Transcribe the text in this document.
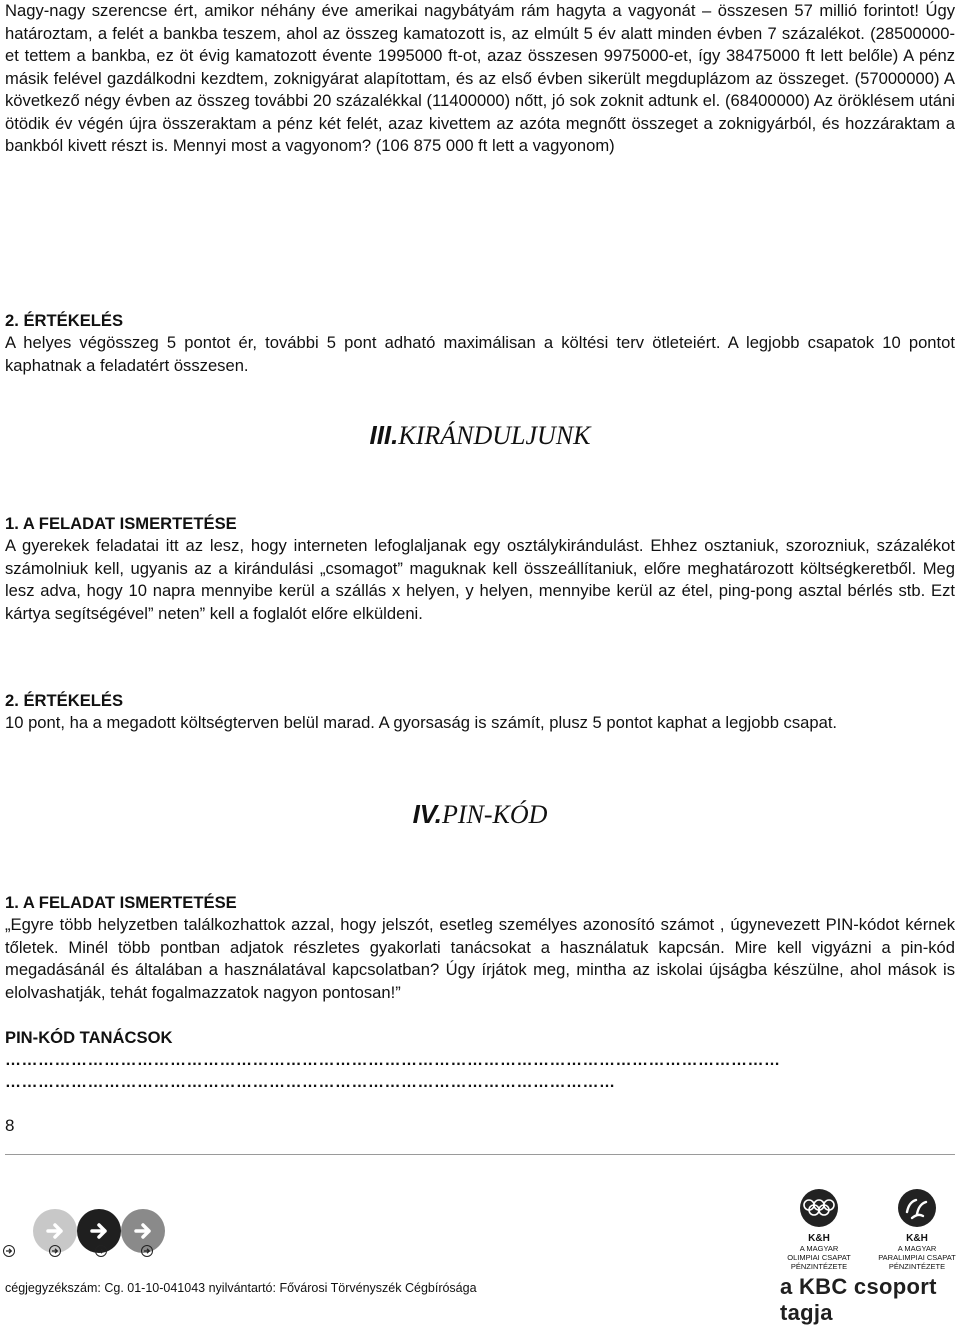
Nagy-nagy szerencse ért, amikor néhány éve amerikai nagybátyám rám hagyta a vagyonát – összesen 57 millió forintot! Úgy határoztam, a felét a bankba teszem, ahol az összeg kamatozott is, az elmúlt 5 év alatt minden évben 7 százalékot. (28500000-et tettem a bankba, ez öt évig kamatozott évente 1995000 ft-ot, azaz összesen 9975000-et, így 38475000 ft lett belőle) A pénz másik felével gazdálkodni kezdtem, zoknigyárat alapítottam, és az első évben sikerült megduplázom az összeget. (57000000) A következő négy évben az összeg további 20 százalékkal (11400000) nőtt, jó sok zoknit adtunk el. (68400000) Az öröklésem utáni ötödik év végén újra összeraktam a pénz két felét, azaz kivettem az azóta megnőtt összeget a zoknigyárból, és hozzáraktam a bankból kivett részt is. Mennyi most a vagyonom? (106 875 000 ft lett a vagyonom)

2. ÉRTÉKELÉS

A helyes végösszeg 5 pontot ér, további 5 pont adható maximálisan a költési terv ötleteiért. A legjobb csapatok 10 pontot kaphatnak a feladatért összesen.

III.KIRÁNDULJUNK

1. A FELADAT ISMERTETÉSE

A gyerekek feladatai itt az lesz, hogy interneten lefoglaljanak egy osztálykirándulást. Ehhez osztaniuk, szorozniuk, százalékot számolniuk kell, ugyanis az a kirándulási „csomagot” maguknak kell összeállítaniuk, előre meghatározott költségkeretből. Meg lesz adva, hogy 10 napra mennyibe kerül a szállás x helyen, y helyen, mennyibe kerül az étel, ping-pong asztal bérlés stb. Ezt kártya segítségével” neten” kell a foglalót előre elküldeni.

2. ÉRTÉKELÉS

10 pont, ha a megadott költségterven belül marad. A gyorsaság is számít, plusz 5 pontot kaphat a legjobb csapat.

IV.PIN-KÓD

1. A FELADAT ISMERTETÉSE

„Egyre több helyzetben találkozhattok azzal, hogy jelszót, esetleg személyes azonosító számot , úgynevezett PIN-kódot kérnek tőletek. Minél több pontban adjatok részletes gyakorlati tanácsokat a használatuk kapcsán. Mire kell vigyázni a pin-kód megadásánál és általában a használatával kapcsolatban? Úgy írjátok meg, mintha az iskolai újságba készülne, ahol mások is elolvashatják, tehát fogalmazzatok nagyon pontosan!”

PIN-KÓD TANÁCSOK

……………………………………………………………………………………………………………………………

…………………………………………………………………………………………………

8
cégjegyzékszám: Cg. 01-10-041043 nyilvántartó: Fővárosi Törvényszék Cégbírósága
K&H
A MAGYAR
OLIMPIAI CSAPAT
PÉNZINTÉZETE
K&H
A MAGYAR
PARALIMPIAI CSAPAT
PÉNZINTÉZETE
a KBC csoport tagja
